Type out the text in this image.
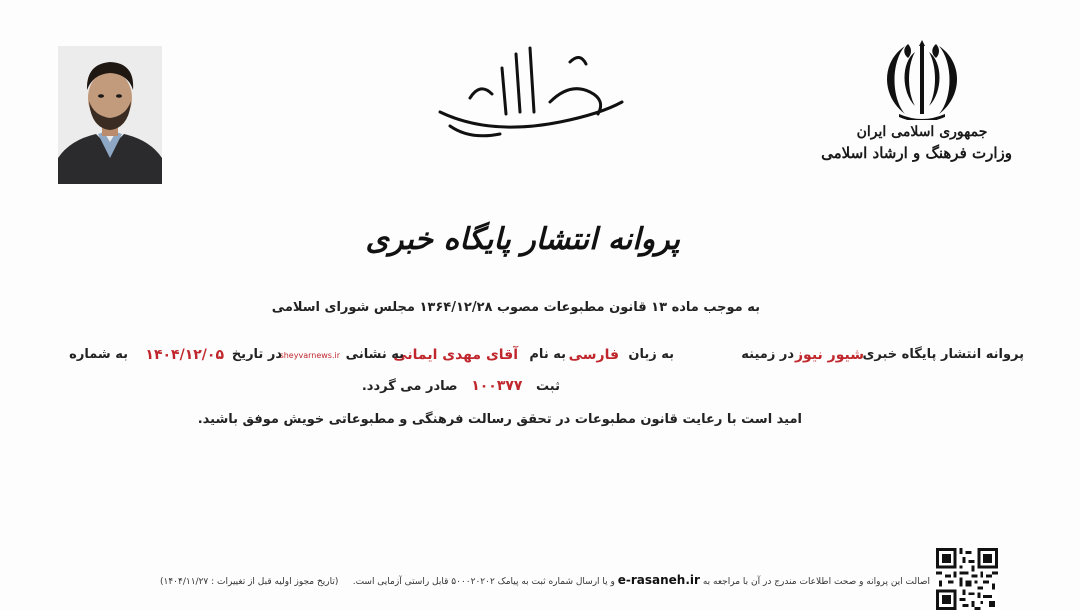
جمهوری اسلامی ایران
وزارت فرهنگ و ارشاد اسلامی
پروانه انتشار پایگاه خبری
به موجب ماده ۱۳ قانون مطبوعات مصوب ۱۳۶۴/۱۲/۲۸ مجلس شورای اسلامی
پروانه انتشار پایگاه خبری
شیور نیوز
در زمینه
به زبان
فارسی
به نام
آقای مهدی ایمانی
به نشانی
sheyvarnews.ir
در تاریخ
۱۴۰۴/۱۲/۰۵
به شماره
ثبت   ۱۰۰۳۷۷   صادر می گردد.
امید است با رعایت قانون مطبوعات در تحقق رسالت فرهنگی و مطبوعاتی خویش موفق باشید.
اصالت این پروانه و صحت اطلاعات مندرج در آن با مراجعه به e-rasaneh.ir و یا ارسال شماره ثبت به پیامک ۵۰۰۰۲۰۲۰۲ قابل راستی آزمایی است.     (تاریخ مجوز اولیه قبل از تغییرات : ۱۴۰۴/۱۱/۲۷)
